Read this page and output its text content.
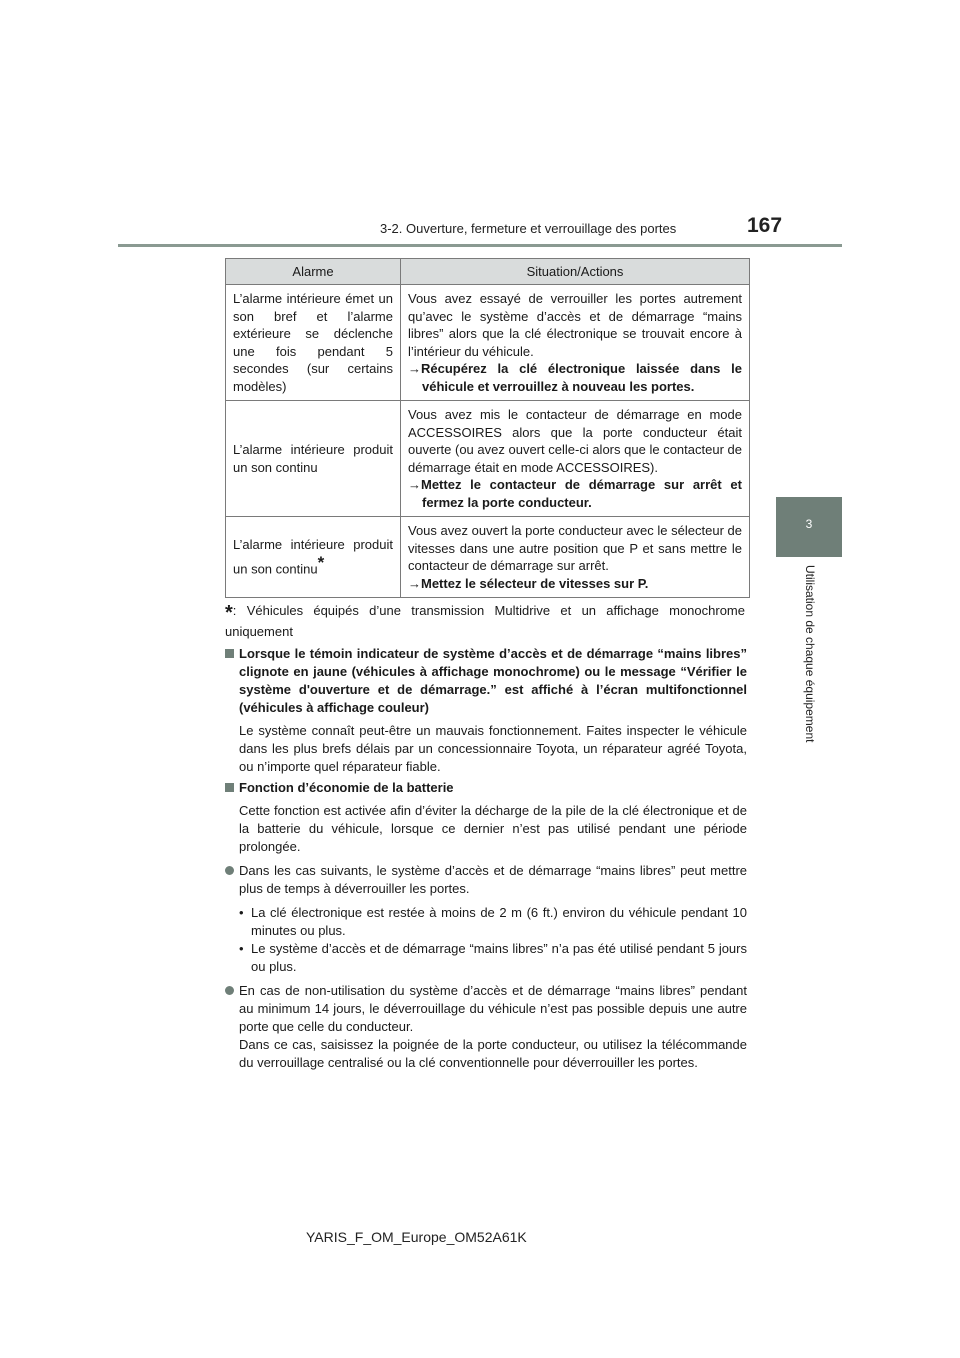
3-2. Ouverture, fermeture et verrouillage des portes	167
3
Utilisation de chaque équipement
Alarme	Situation/Actions
L’alarme intérieure émet un son bref et l’alarme extérieure se déclenche une fois pendant 5 secondes (sur certains modèles)	Vous avez essayé de verrouiller les portes autrement qu’avec le système d’accès et de démarrage “mains libres” alors que la clé électronique se trouvait encore à l’intérieur du véhicule.
→Récupérez la clé électronique laissée dans le véhicule et verrouillez à nouveau les portes.

L’alarme intérieure produit un son continu	Vous avez mis le contacteur de démarrage en mode ACCESSOIRES alors que la porte conducteur était ouverte (ou avez ouvert celle-ci alors que le contacteur de démarrage était en mode ACCESSOIRES).
→Mettez le contacteur de démarrage sur arrêt et fermez la porte conducteur.

L’alarme intérieure produit un son continu*	Vous avez ouvert la porte conducteur avec le sélecteur de vitesses dans une autre position que P et sans mettre le contacteur de démarrage sur arrêt.
→Mettez le sélecteur de vitesses sur P.
*: Véhicules équipés d’une transmission Multidrive et un affichage monochrome uniquement
Lorsque le témoin indicateur de système d’accès et de démarrage “mains libres” clignote en jaune (véhicules à affichage monochrome) ou le message “Vérifier le système d'ouverture et de démarrage.” est affiché à l’écran multifonctionnel (véhicules à affichage couleur)
Le système connaît peut-être un mauvais fonctionnement. Faites inspecter le véhicule dans les plus brefs délais par un concessionnaire Toyota, un réparateur agréé Toyota, ou n’importe quel réparateur fiable.
Fonction d’économie de la batterie
Cette fonction est activée afin d’éviter la décharge de la pile de la clé électronique et de la batterie du véhicule, lorsque ce dernier n’est pas utilisé pendant une période prolongée.
Dans les cas suivants, le système d’accès et de démarrage “mains libres” peut mettre plus de temps à déverrouiller les portes.
• La clé électronique est restée à moins de 2 m (6 ft.) environ du véhicule pendant 10 minutes ou plus.
• Le système d’accès et de démarrage “mains libres” n’a pas été utilisé pendant 5 jours ou plus.
En cas de non-utilisation du système d’accès et de démarrage “mains libres” pendant au minimum 14 jours, le déverrouillage du véhicule n’est pas possible depuis une autre porte que celle du conducteur.
Dans ce cas, saisissez la poignée de la porte conducteur, ou utilisez la télécommande du verrouillage centralisé ou la clé conventionnelle pour déverrouiller les portes.
YARIS_F_OM_Europe_OM52A61K
